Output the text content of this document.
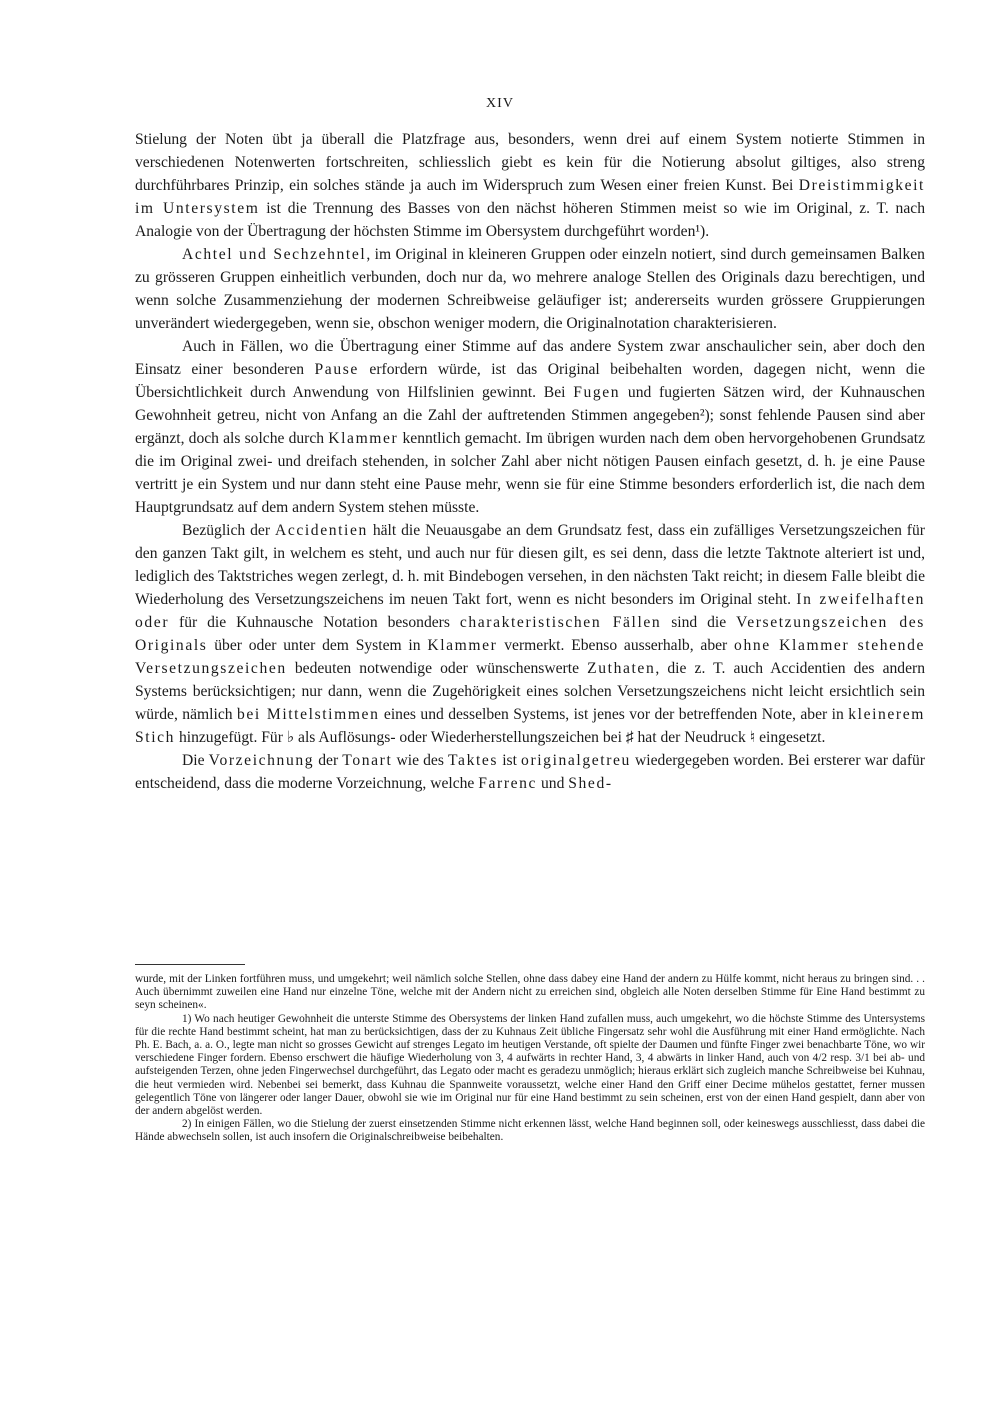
XIV

Stielung der Noten übt ja überall die Platzfrage aus, besonders, wenn drei auf einem System notierte Stimmen in verschiedenen Notenwerten fortschreiten, schliesslich giebt es kein für die Notierung absolut giltiges, also streng durchführbares Prinzip, ein solches stände ja auch im Widerspruch zum Wesen einer freien Kunst. Bei Dreistimmigkeit im Untersystem ist die Trennung des Basses von den nächst höheren Stimmen meist so wie im Original, z. T. nach Analogie von der Übertragung der höchsten Stimme im Obersystem durchgeführt worden¹).

Achtel und Sechzehntel, im Original in kleineren Gruppen oder einzeln notiert, sind durch gemeinsamen Balken zu grösseren Gruppen einheitlich verbunden, doch nur da, wo mehrere analoge Stellen des Originals dazu berechtigen, und wenn solche Zusammenziehung der modernen Schreibweise geläufiger ist; andererseits wurden grössere Gruppierungen unverändert wiedergegeben, wenn sie, obschon weniger modern, die Originalnotation charakterisieren.

Auch in Fällen, wo die Übertragung einer Stimme auf das andere System zwar anschaulicher sein, aber doch den Einsatz einer besonderen Pause erfordern würde, ist das Original beibehalten worden, dagegen nicht, wenn die Übersichtlichkeit durch Anwendung von Hilfslinien gewinnt. Bei Fugen und fugierten Sätzen wird, der Kuhnauschen Gewohnheit getreu, nicht von Anfang an die Zahl der auftretenden Stimmen angegeben²); sonst fehlende Pausen sind aber ergänzt, doch als solche durch Klammer kenntlich gemacht. Im übrigen wurden nach dem oben hervorgehobenen Grundsatz die im Original zwei- und dreifach stehenden, in solcher Zahl aber nicht nötigen Pausen einfach gesetzt, d. h. je eine Pause vertritt je ein System und nur dann steht eine Pause mehr, wenn sie für eine Stimme besonders erforderlich ist, die nach dem Hauptgrundsatz auf dem andern System stehen müsste.

Bezüglich der Accidentien hält die Neuausgabe an dem Grundsatz fest, dass ein zufälliges Versetzungszeichen für den ganzen Takt gilt, in welchem es steht, und auch nur für diesen gilt, es sei denn, dass die letzte Taktnote alteriert ist und, lediglich des Taktstriches wegen zerlegt, d. h. mit Bindebogen versehen, in den nächsten Takt reicht; in diesem Falle bleibt die Wiederholung des Versetzungszeichens im neuen Takt fort, wenn es nicht besonders im Original steht. In zweifelhaften oder für die Kuhnausche Notation besonders charakteristischen Fällen sind die Versetzungszeichen des Originals über oder unter dem System in Klammer vermerkt. Ebenso ausserhalb, aber ohne Klammer stehende Versetzungszeichen bedeuten notwendige oder wünschenswerte Zuthaten, die z. T. auch Accidentien des andern Systems berücksichtigen; nur dann, wenn die Zugehörigkeit eines solchen Versetzungszeichens nicht leicht ersichtlich sein würde, nämlich bei Mittelstimmen eines und desselben Systems, ist jenes vor der betreffenden Note, aber in kleinerem Stich hinzugefügt. Für ♭ als Auflösungs- oder Wiederherstellungszeichen bei ♯ hat der Neudruck ♮ eingesetzt.

Die Vorzeichnung der Tonart wie des Taktes ist originalgetreu wiedergegeben worden. Bei ersterer war dafür entscheidend, dass die moderne Vorzeichnung, welche Farrenc und Shed-

wurde, mit der Linken fortführen muss, und umgekehrt; weil nämlich solche Stellen, ohne dass dabey eine Hand der andern zu Hülfe kommt, nicht heraus zu bringen sind. . . Auch übernimmt zuweilen eine Hand nur einzelne Töne, welche mit der Andern nicht zu erreichen sind, obgleich alle Noten derselben Stimme für Eine Hand bestimmt zu seyn scheinen«.

1) Wo nach heutiger Gewohnheit die unterste Stimme des Obersystems der linken Hand zufallen muss, auch umgekehrt, wo die höchste Stimme des Untersystems für die rechte Hand bestimmt scheint, hat man zu berücksichtigen, dass der zu Kuhnaus Zeit übliche Fingersatz sehr wohl die Ausführung mit einer Hand ermöglichte. Nach Ph. E. Bach, a. a. O., legte man nicht so grosses Gewicht auf strenges Legato im heutigen Verstande, oft spielte der Daumen und fünfte Finger zwei benachbarte Töne, wo wir verschiedene Finger fordern. Ebenso erschwert die häufige Wiederholung von 3, 4 aufwärts in rechter Hand, 3, 4 abwärts in linker Hand, auch von 4/2 resp. 3/1 bei ab- und aufsteigenden Terzen, ohne jeden Fingerwechsel durchgeführt, das Legato oder macht es geradezu unmöglich; hieraus erklärt sich zugleich manche Schreibweise bei Kuhnau, die heut vermieden wird. Nebenbei sei bemerkt, dass Kuhnau die Spannweite voraussetzt, welche einer Hand den Griff einer Decime mühelos gestattet, ferner mussen gelegentlich Töne von längerer oder langer Dauer, obwohl sie wie im Original nur für eine Hand bestimmt zu sein scheinen, erst von der einen Hand gespielt, dann aber von der andern abgelöst werden.

2) In einigen Fällen, wo die Stielung der zuerst einsetzenden Stimme nicht erkennen lässt, welche Hand beginnen soll, oder keineswegs ausschliesst, dass dabei die Hände abwechseln sollen, ist auch insofern die Originalschreibweise beibehalten.
